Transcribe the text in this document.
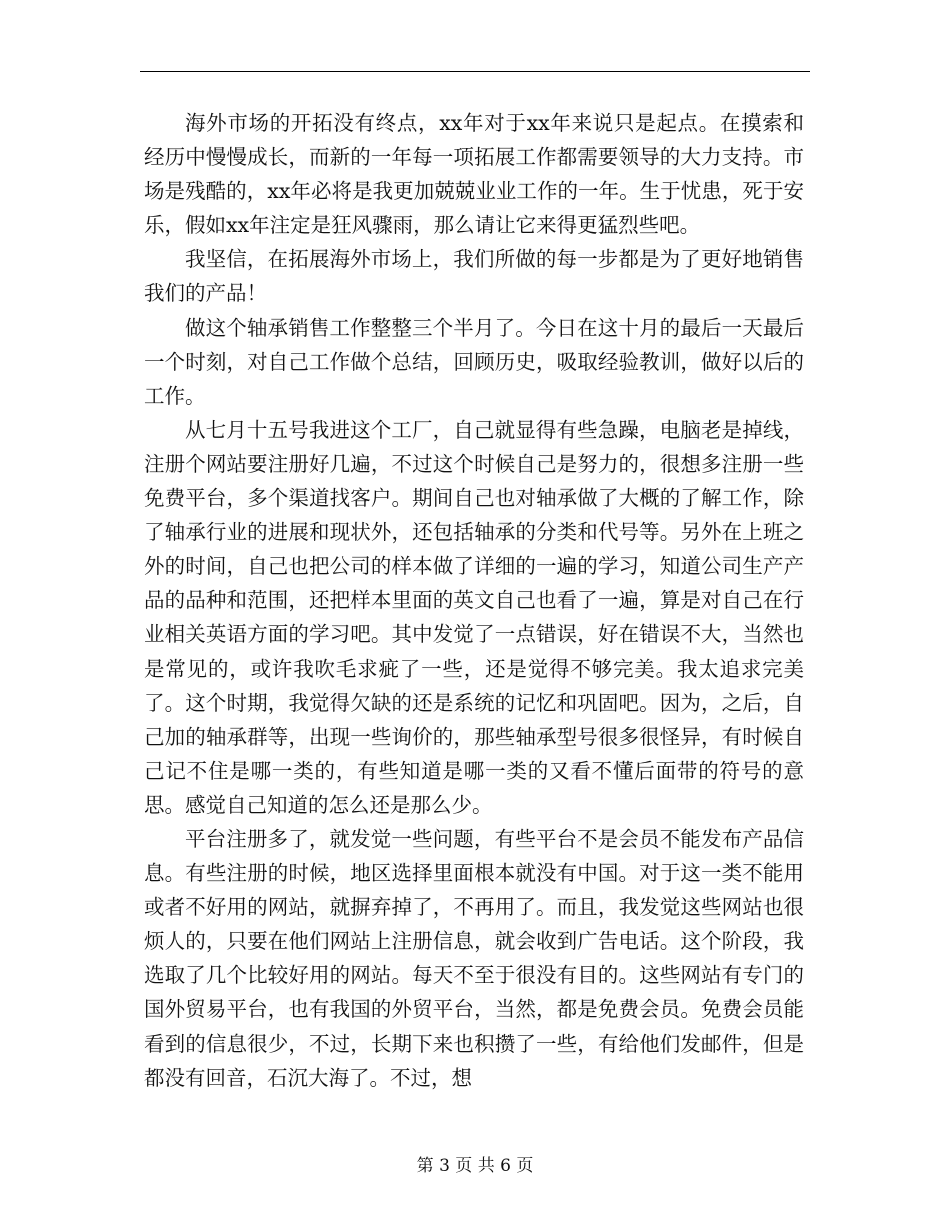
海外市场的开拓没有终点，xx年对于xx年来说只是起点。在摸索和经历中慢慢成长，而新的一年每一项拓展工作都需要领导的大力支持。市场是残酷的，xx年必将是我更加兢兢业业工作的一年。生于忧患，死于安乐，假如xx年注定是狂风骤雨，那么请让它来得更猛烈些吧。

我坚信，在拓展海外市场上，我们所做的每一步都是为了更好地销售我们的产品！

做这个轴承销售工作整整三个半月了。今日在这十月的最后一天最后一个时刻，对自己工作做个总结，回顾历史，吸取经验教训，做好以后的工作。

从七月十五号我进这个工厂，自己就显得有些急躁，电脑老是掉线，注册个网站要注册好几遍，不过这个时候自己是努力的，很想多注册一些免费平台，多个渠道找客户。期间自己也对轴承做了大概的了解工作，除了轴承行业的进展和现状外，还包括轴承的分类和代号等。另外在上班之外的时间，自己也把公司的样本做了详细的一遍的学习，知道公司生产产品的品种和范围，还把样本里面的英文自己也看了一遍，算是对自己在行业相关英语方面的学习吧。其中发觉了一点错误，好在错误不大，当然也是常见的，或许我吹毛求疵了一些，还是觉得不够完美。我太追求完美了。这个时期，我觉得欠缺的还是系统的记忆和巩固吧。因为，之后，自己加的轴承群等，出现一些询价的，那些轴承型号很多很怪异，有时候自己记不住是哪一类的，有些知道是哪一类的又看不懂后面带的符号的意思。感觉自己知道的怎么还是那么少。

平台注册多了，就发觉一些问题，有些平台不是会员不能发布产品信息。有些注册的时候，地区选择里面根本就没有中国。对于这一类不能用或者不好用的网站，就摒弃掉了，不再用了。而且，我发觉这些网站也很烦人的，只要在他们网站上注册信息，就会收到广告电话。这个阶段，我选取了几个比较好用的网站。每天不至于很没有目的。这些网站有专门的国外贸易平台，也有我国的外贸平台，当然，都是免费会员。免费会员能看到的信息很少，不过，长期下来也积攒了一些，有给他们发邮件，但是都没有回音，石沉大海了。不过，想

第 3 页 共 6 页
